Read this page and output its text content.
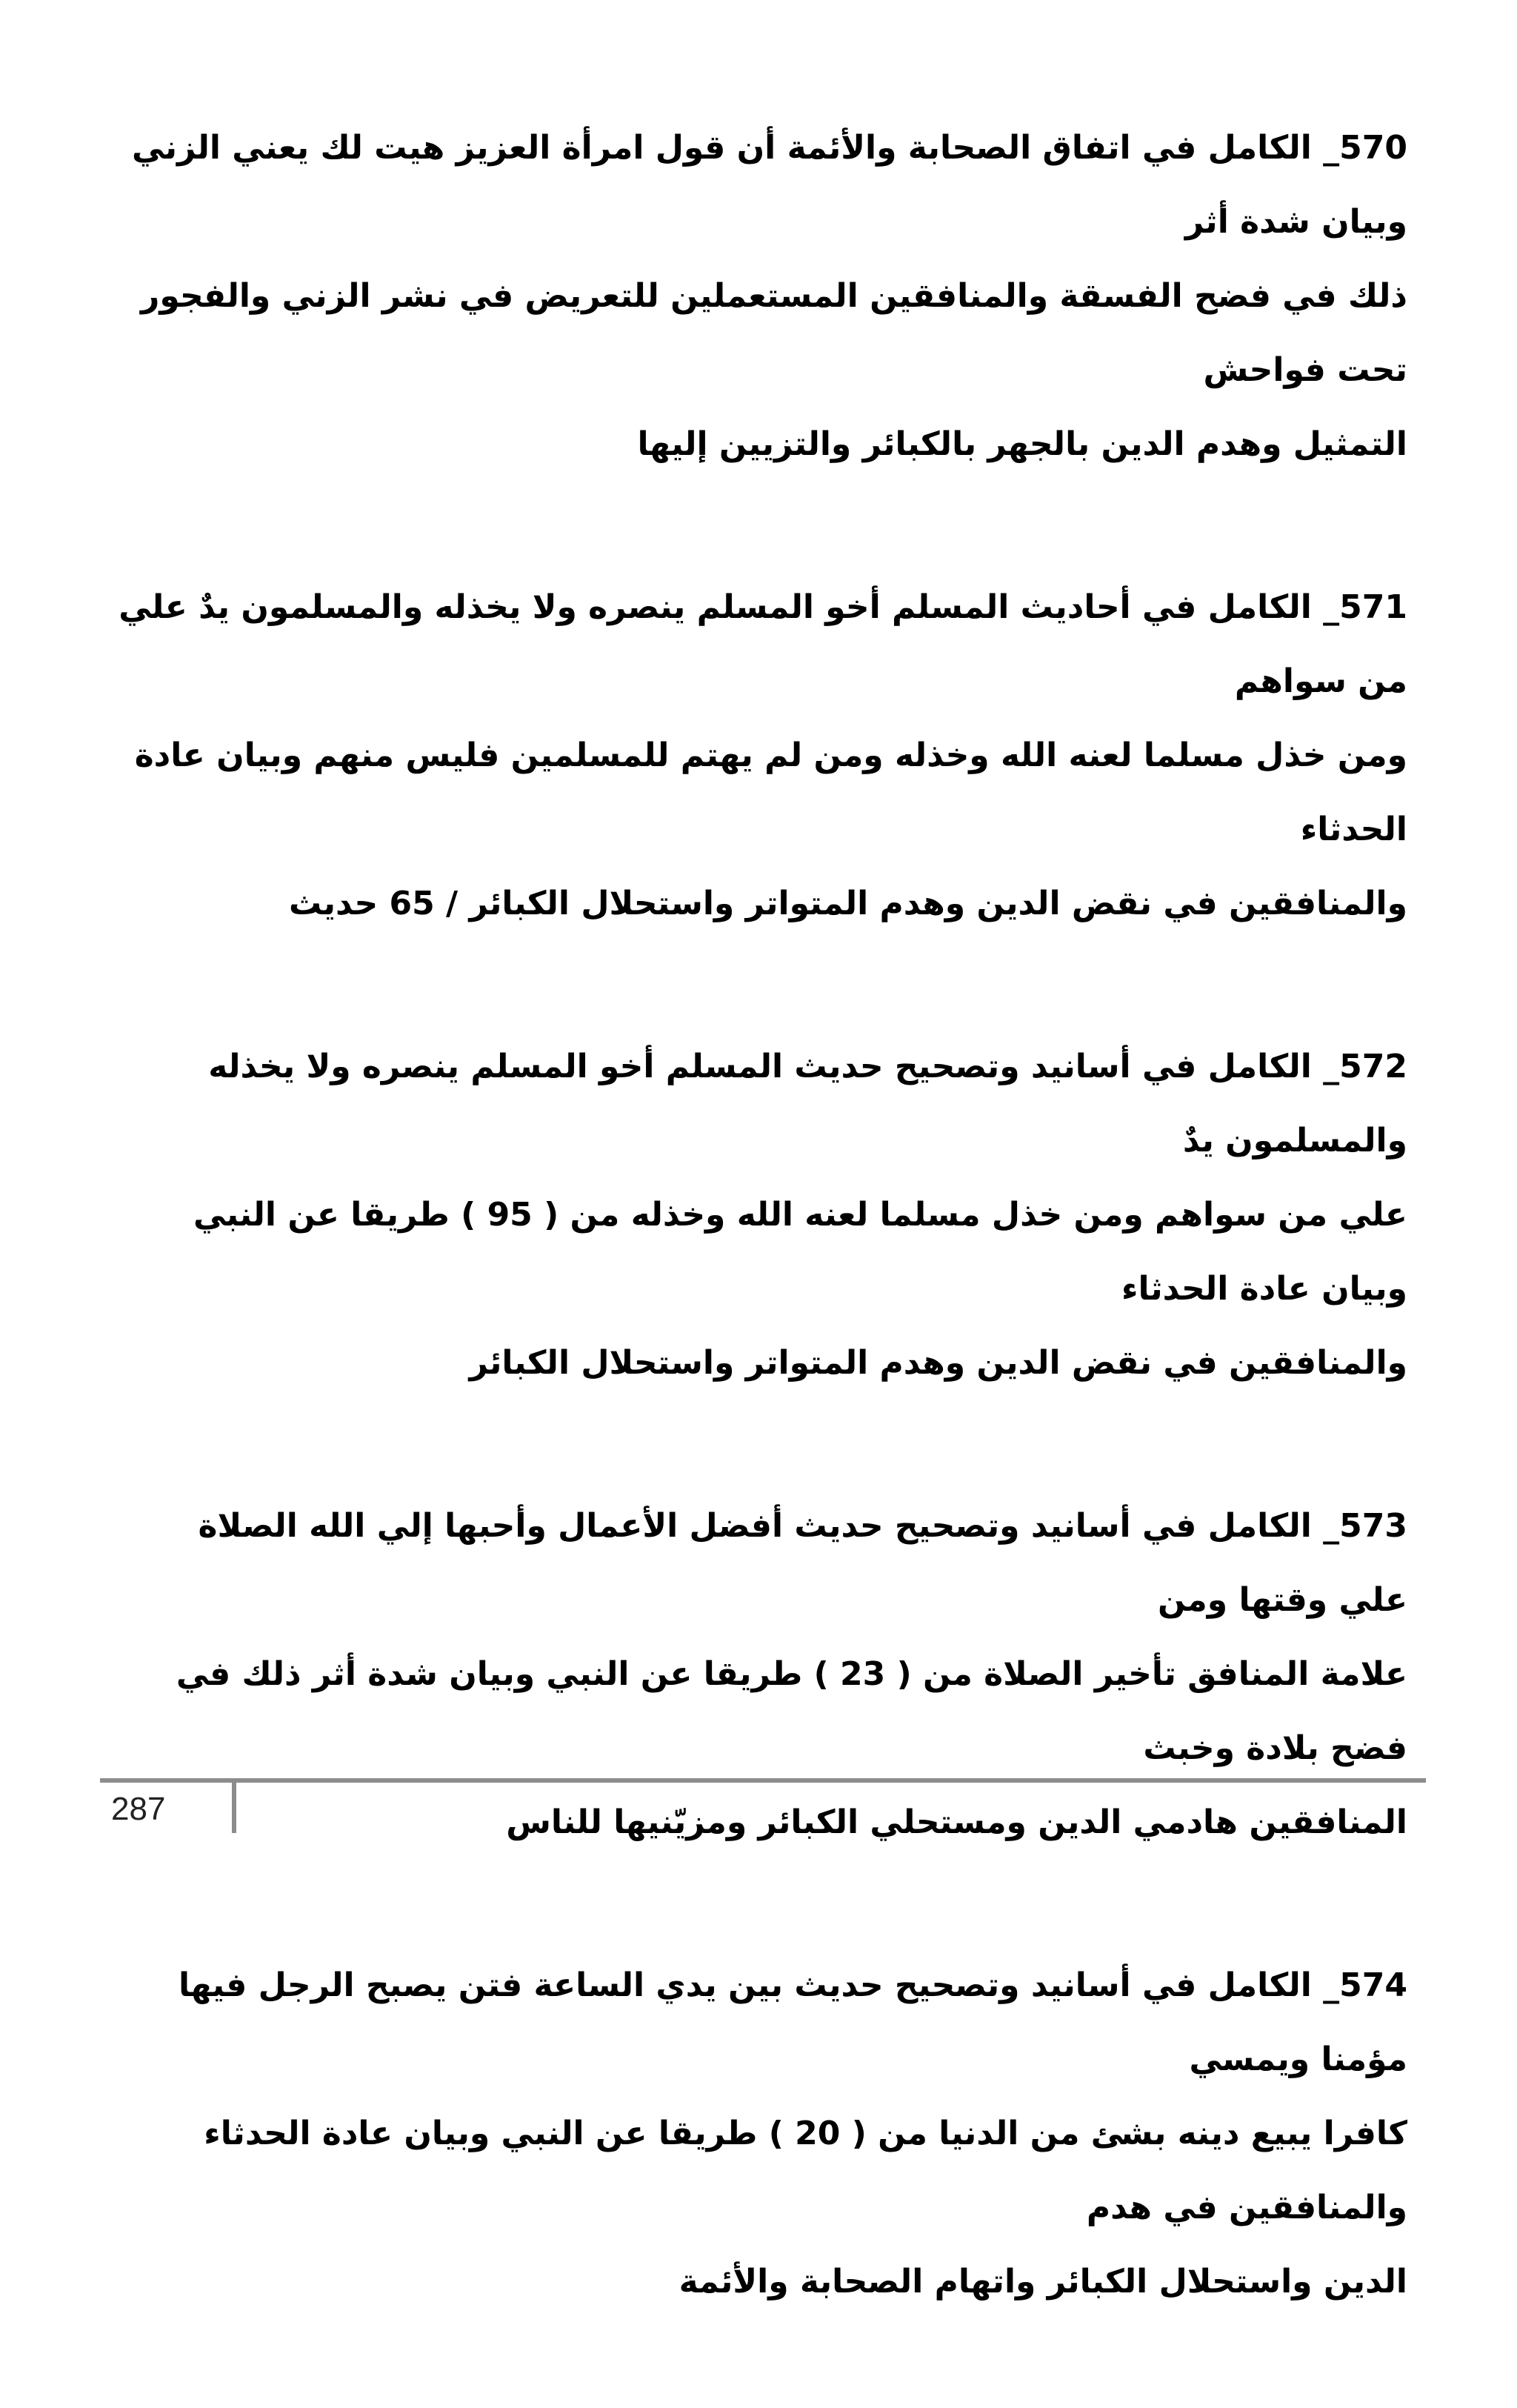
570_ الكامل في اتفاق الصحابة والأئمة أن قول امرأة العزيز هيت لك يعني الزني وبيان شدة أثر

ذلك في فضح الفسقة والمنافقين المستعملين للتعريض في نشر الزني والفجور تحت فواحش

التمثيل وهدم الدين بالجهر بالكبائر والتزيين إليها

571_ الكامل في أحاديث المسلم أخو المسلم ينصره ولا يخذله والمسلمون يدٌ علي من سواهم

ومن خذل مسلما لعنه الله وخذله ومن لم يهتم للمسلمين فليس منهم وبيان عادة الحدثاء

والمنافقين في نقض الدين وهدم المتواتر واستحلال الكبائر / 65 حديث

572_ الكامل في أسانيد وتصحيح حديث المسلم أخو المسلم ينصره ولا يخذله والمسلمون يدٌ

علي من سواهم ومن خذل مسلما لعنه الله وخذله من ( 95 ) طريقا عن النبي وبيان عادة الحدثاء

والمنافقين في نقض الدين وهدم المتواتر واستحلال الكبائر

573_ الكامل في أسانيد وتصحيح حديث أفضل الأعمال وأحبها إلي الله الصلاة علي وقتها ومن

علامة المنافق تأخير الصلاة من ( 23 ) طريقا عن النبي وبيان شدة أثر ذلك في فضح بلادة وخبث

المنافقين هادمي الدين ومستحلي الكبائر ومزيّنيها للناس

574_ الكامل في أسانيد وتصحيح حديث بين يدي الساعة فتن يصبح الرجل فيها مؤمنا ويمسي

كافرا يبيع دينه بشئ من الدنيا من ( 20 ) طريقا عن النبي وبيان عادة الحدثاء والمنافقين في هدم

الدين واستحلال الكبائر واتهام الصحابة والأئمة

287
